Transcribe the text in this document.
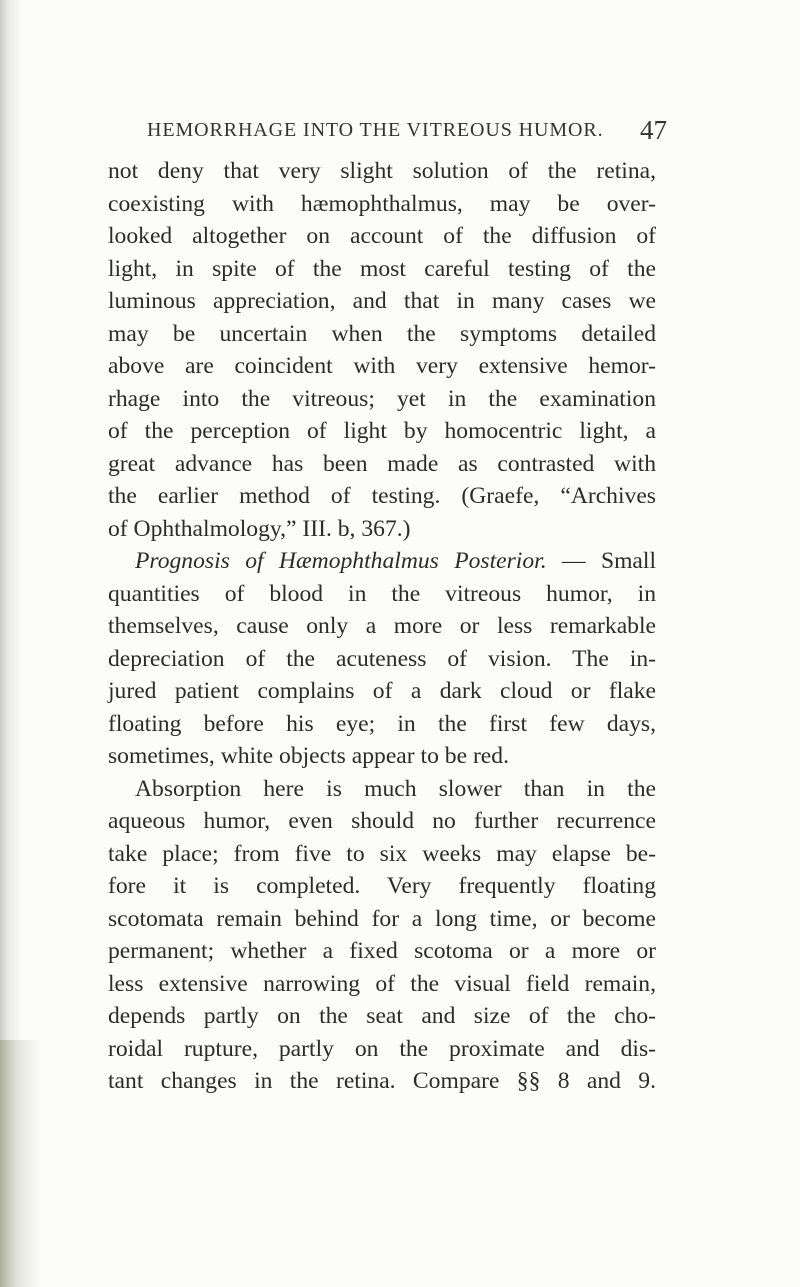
HEMORRHAGE INTO THE VITREOUS HUMOR. 47
not deny that very slight solution of the retina,
coexisting with hæmophthalmus, may be over-
looked altogether on account of the diffusion of
light, in spite of the most careful testing of the
luminous appreciation, and that in many cases we
may be uncertain when the symptoms detailed
above are coincident with very extensive hemor-
rhage into the vitreous; yet in the examination
of the perception of light by homocentric light, a
great advance has been made as contrasted with
the earlier method of testing. (Graefe, “Archives
of Ophthalmology,” III. b, 367.)
Prognosis of Hæmophthalmus Posterior. — Small
quantities of blood in the vitreous humor, in
themselves, cause only a more or less remarkable
depreciation of the acuteness of vision. The in-
jured patient complains of a dark cloud or flake
floating before his eye; in the first few days,
sometimes, white objects appear to be red.
Absorption here is much slower than in the
aqueous humor, even should no further recurrence
take place; from five to six weeks may elapse be-
fore it is completed. Very frequently floating
scotomata remain behind for a long time, or become
permanent; whether a fixed scotoma or a more or
less extensive narrowing of the visual field remain,
depends partly on the seat and size of the cho-
roidal rupture, partly on the proximate and dis-
tant changes in the retina. Compare §§ 8 and 9.
